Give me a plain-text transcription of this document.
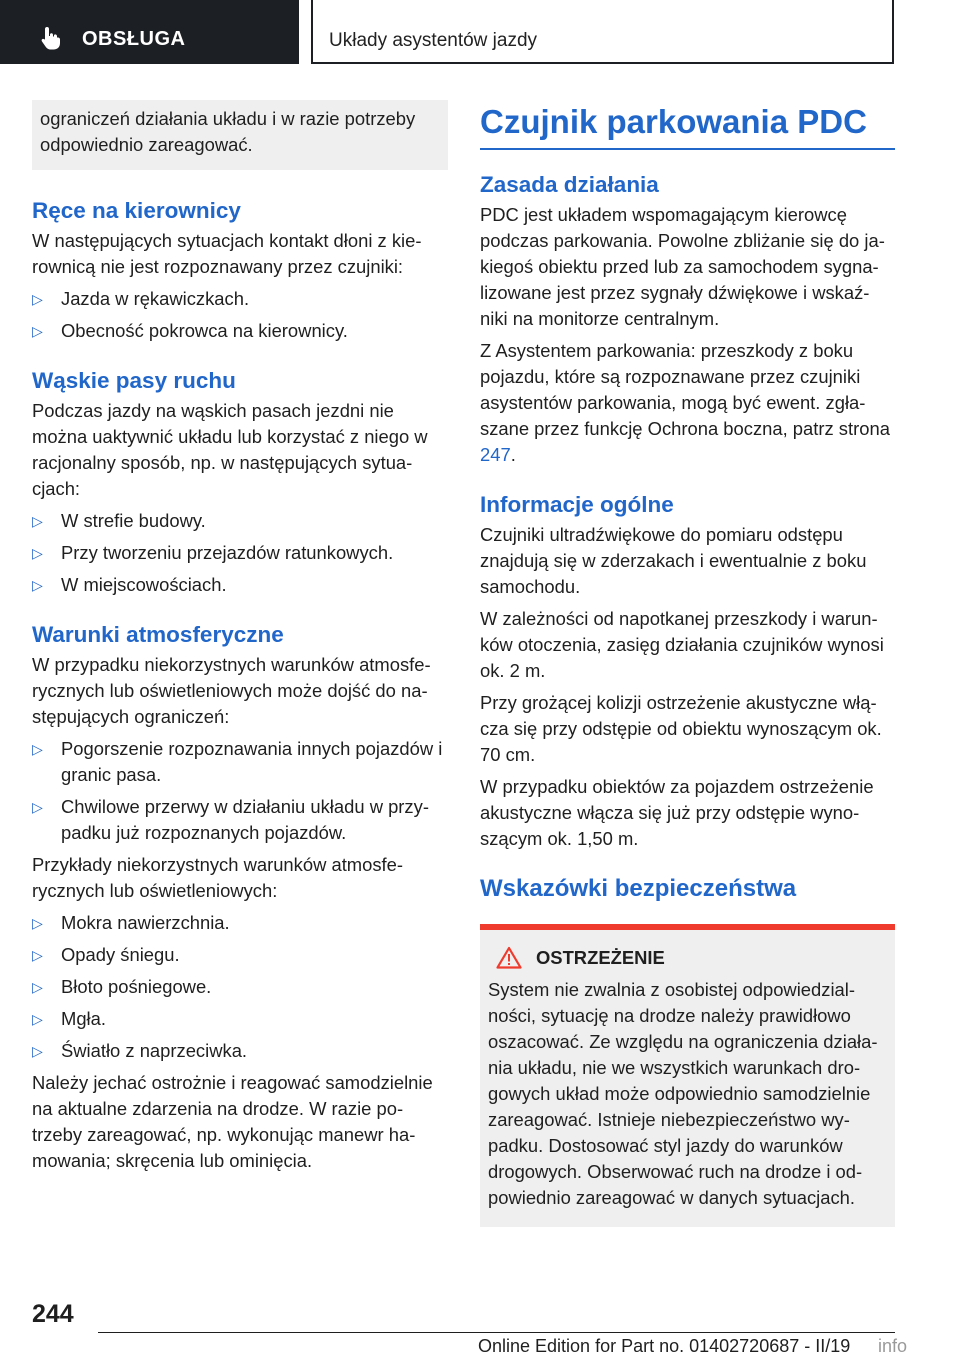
OBSŁUGA	Układy asystentów jazdy

ograniczeń działania układu i w razie potrzeby odpowiednio zareagować.

Ręce na kierownicy

W następujących sytuacjach kontakt dłoni z kie-rownicą nie jest rozpoznawany przez czujniki:

▷ Jazda w rękawiczkach.
▷ Obecność pokrowca na kierownicy.
Wąskie pasy ruchu

Podczas jazdy na wąskich pasach jezdni nie można uaktywnić układu lub korzystać z niego w racjonalny sposób, np. w następujących sytua-cjach:

▷ W strefie budowy.
▷ Przy tworzeniu przejazdów ratunkowych.
▷ W miejscowościach.
Warunki atmosferyczne

W przypadku niekorzystnych warunków atmosfe-rycznych lub oświetleniowych może dojść do na-stępujących ograniczeń:

▷ Pogorszenie rozpoznawania innych pojazdów i granic pasa.
▷ Chwilowe przerwy w działaniu układu w przy-padku już rozpoznanych pojazdów.

Przykłady niekorzystnych warunków atmosfe-rycznych lub oświetleniowych:

▷ Mokra nawierzchnia.
▷ Opady śniegu.
▷ Błoto pośniegowe.
▷ Mgła.
▷ Światło z naprzeciwka.

Należy jechać ostrożnie i reagować samodzielnie na aktualne zdarzenia na drodze. W razie po-trzeby zareagować, np. wykonując manewr ha-mowania; skręcenia lub ominięcia.

Czujnik parkowania PDC
Zasada działania

PDC jest układem wspomagającym kierowcę podczas parkowania. Powolne zbliżanie się do ja-kiegoś obiektu przed lub za samochodem sygna-lizowane jest przez sygnały dźwiękowe i wskaź-niki na monitorze centralnym.

Z Asystentem parkowania: przeszkody z boku pojazdu, które są rozpoznawane przez czujniki asystentów parkowania, mogą być ewent. zgła-szane przez funkcję Ochrona boczna, patrz strona 247.

Informacje ogólne

Czujniki ultradźwiękowe do pomiaru odstępu znajdują się w zderzakach i ewentualnie z boku samochodu.

W zależności od napotkanej przeszkody i warun-ków otoczenia, zasięg działania czujników wynosi ok. 2 m.

Przy grożącej kolizji ostrzeżenie akustyczne włą-cza się przy odstępie od obiektu wynoszącym ok. 70 cm.

W przypadku obiektów za pojazdem ostrzeżenie akustyczne włącza się już przy odstępie wyno-szącym ok. 1,50 m.

Wskazówki bezpieczeństwa
OSTRZEŻENIE

System nie zwalnia z osobistej odpowiedzial-ności, sytuację na drodze należy prawidłowo oszacować. Ze względu na ograniczenia działa-nia układu, nie we wszystkich warunkach dro-gowych układ może odpowiednio samodzielnie zareagować. Istnieje niebezpieczeństwo wy-padku. Dostosować styl jazdy do warunków drogowych. Obserwować ruch na drodze i od-powiednio zareagować w danych sytuacjach.

244
Online Edition for Part no. 01402720687 - II/19 info
